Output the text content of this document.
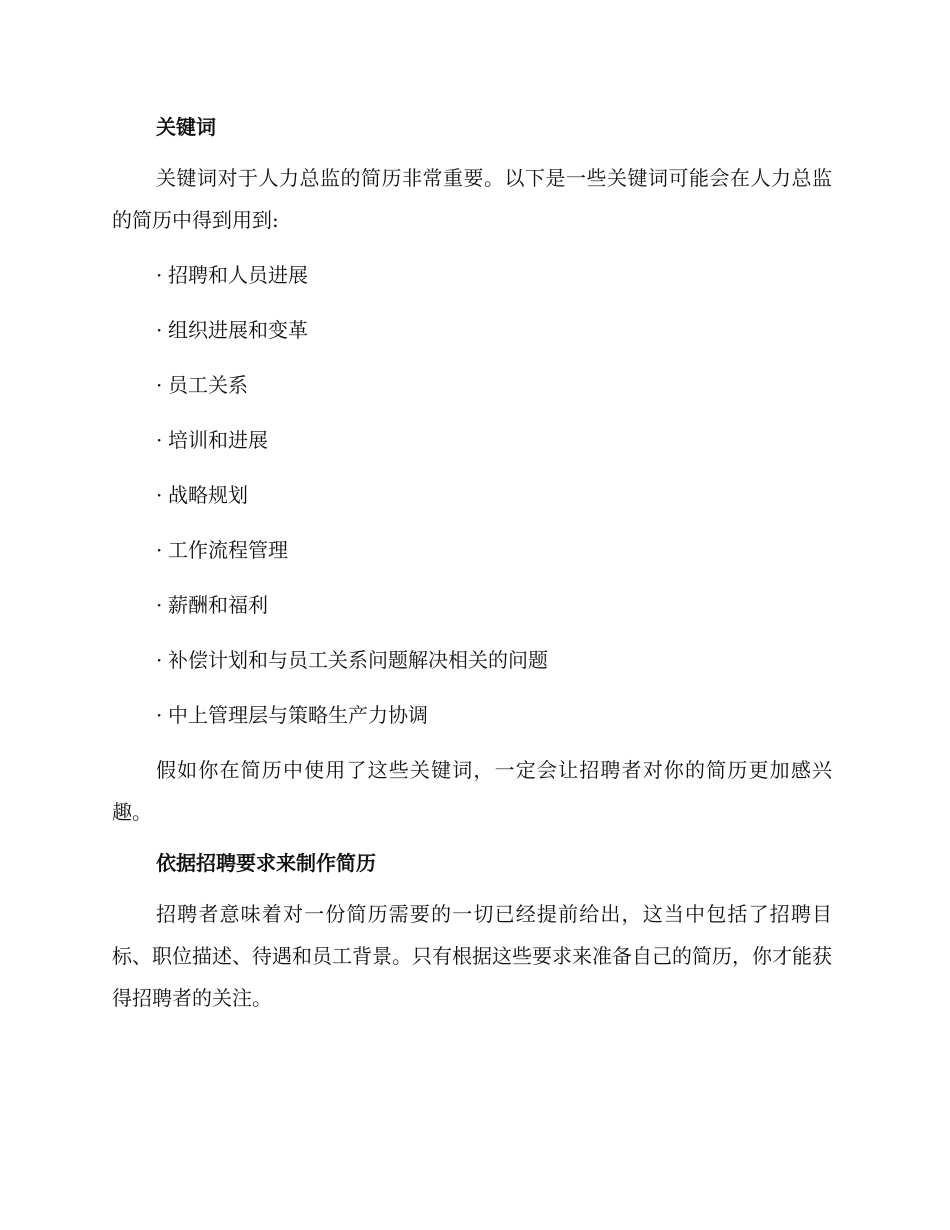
关键词

关键词对于人力总监的简历非常重要。以下是一些关键词可能会在人力总监的简历中得到用到:

· 招聘和人员进展
· 组织进展和变革
· 员工关系
· 培训和进展
· 战略规划
· 工作流程管理
· 薪酬和福利
· 补偿计划和与员工关系问题解决相关的问题
· 中上管理层与策略生产力协调

假如你在简历中使用了这些关键词，一定会让招聘者对你的简历更加感兴趣。

依据招聘要求来制作简历

招聘者意味着对一份简历需要的一切已经提前给出，这当中包括了招聘目标、职位描述、待遇和员工背景。只有根据这些要求来准备自己的简历，你才能获得招聘者的关注。
